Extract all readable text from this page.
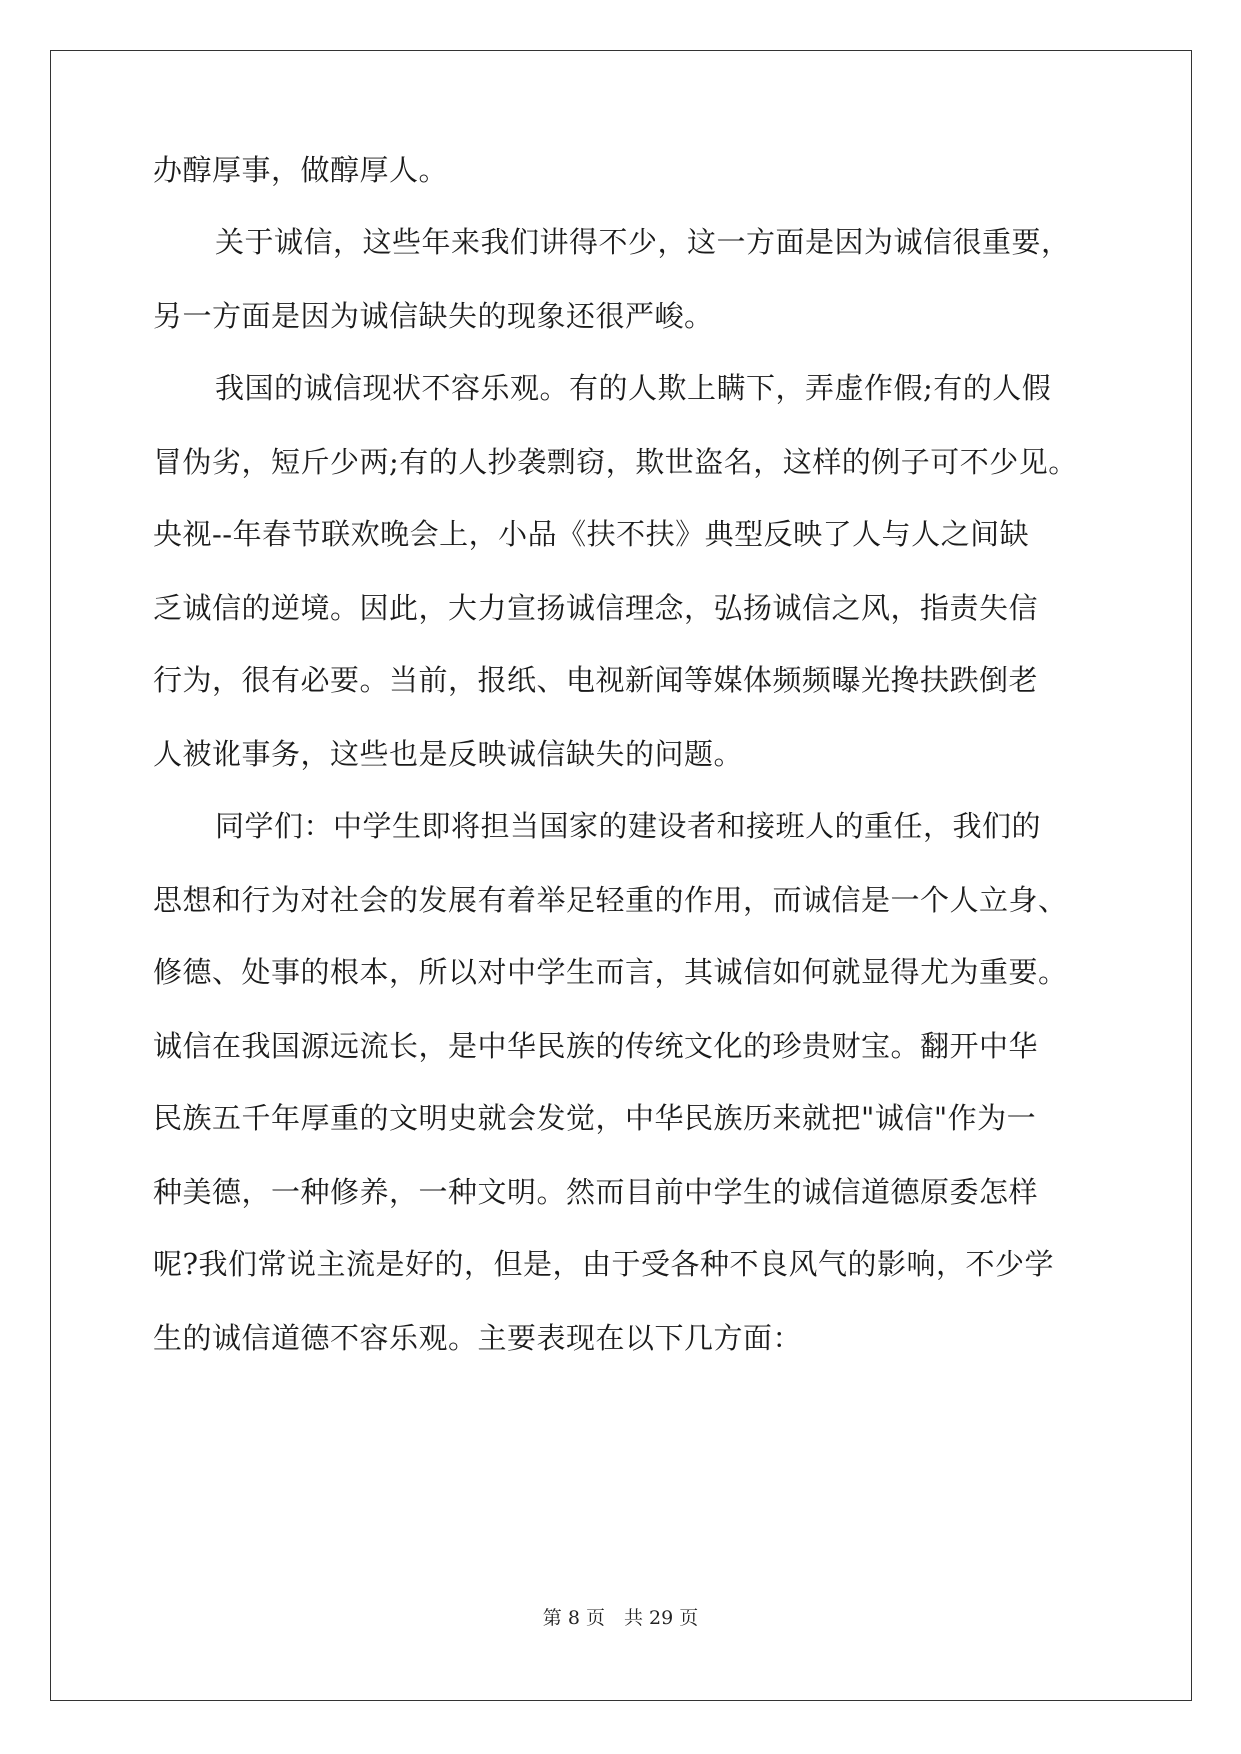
办醇厚事，做醇厚人。
关于诚信，这些年来我们讲得不少，这一方面是因为诚信很重要，
另一方面是因为诚信缺失的现象还很严峻。
我国的诚信现状不容乐观。有的人欺上瞒下，弄虚作假;有的人假
冒伪劣，短斤少两;有的人抄袭剽窃，欺世盗名，这样的例子可不少见。
央视--年春节联欢晚会上，小品《扶不扶》典型反映了人与人之间缺
乏诚信的逆境。因此，大力宣扬诚信理念，弘扬诚信之风，指责失信
行为，很有必要。当前，报纸、电视新闻等媒体频频曝光搀扶跌倒老
人被讹事务，这些也是反映诚信缺失的问题。
同学们：中学生即将担当国家的建设者和接班人的重任，我们的
思想和行为对社会的发展有着举足轻重的作用，而诚信是一个人立身、
修德、处事的根本，所以对中学生而言，其诚信如何就显得尤为重要。
诚信在我国源远流长，是中华民族的传统文化的珍贵财宝。翻开中华
民族五千年厚重的文明史就会发觉，中华民族历来就把"诚信"作为一
种美德，一种修养，一种文明。然而目前中学生的诚信道德原委怎样
呢?我们常说主流是好的，但是，由于受各种不良风气的影响，不少学
生的诚信道德不容乐观。主要表现在以下几方面：
第 8 页　共 29 页
